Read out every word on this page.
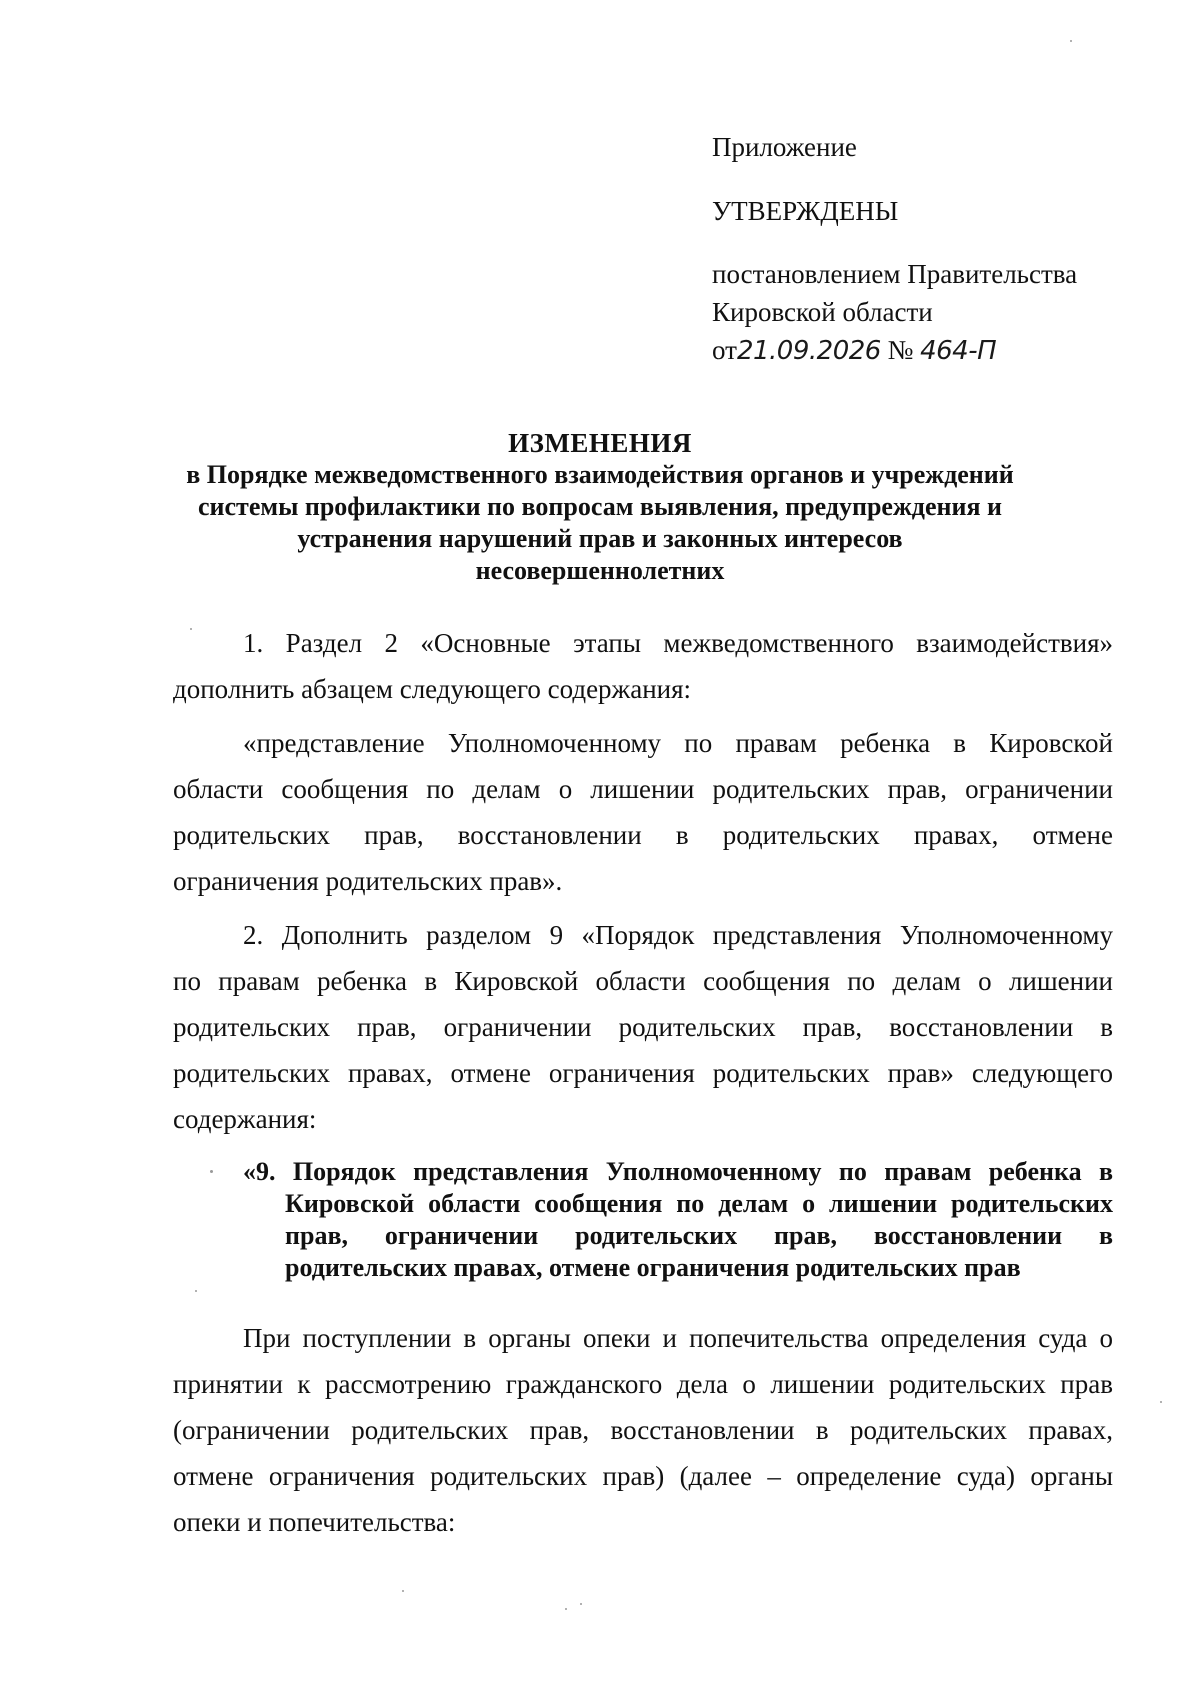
Приложение
УТВЕРЖДЕНЫ
постановлением Правительства
Кировской области
от21.09.2026 № 464-П
ИЗМЕНЕНИЯ
в Порядке межведомственного взаимодействия органов и учреждений
системы профилактики по вопросам выявления, предупреждения и
устранения нарушений прав и законных интересов
несовершеннолетних
1. Раздел 2 «Основные этапы межведомственного взаимодействия»
дополнить абзацем следующего содержания:
«представление Уполномоченному по правам ребенка в Кировской
области сообщения по делам о лишении родительских прав, ограничении
родительских прав, восстановлении в родительских правах, отмене
ограничения родительских прав».
2. Дополнить разделом 9 «Порядок представления Уполномоченному
по правам ребенка в Кировской области сообщения по делам о лишении
родительских прав, ограничении родительских прав, восстановлении в
родительских правах, отмене ограничения родительских прав» следующего
содержания:
«9. Порядок представления Уполномоченному по правам ребенка в
Кировской области сообщения по делам о лишении родительских
прав, ограничении родительских прав, восстановлении в
родительских правах, отмене ограничения родительских прав
При поступлении в органы опеки и попечительства определения суда о
принятии к рассмотрению гражданского дела о лишении родительских прав
(ограничении родительских прав, восстановлении в родительских правах,
отмене ограничения родительских прав) (далее – определение суда) органы
опеки и попечительства:
